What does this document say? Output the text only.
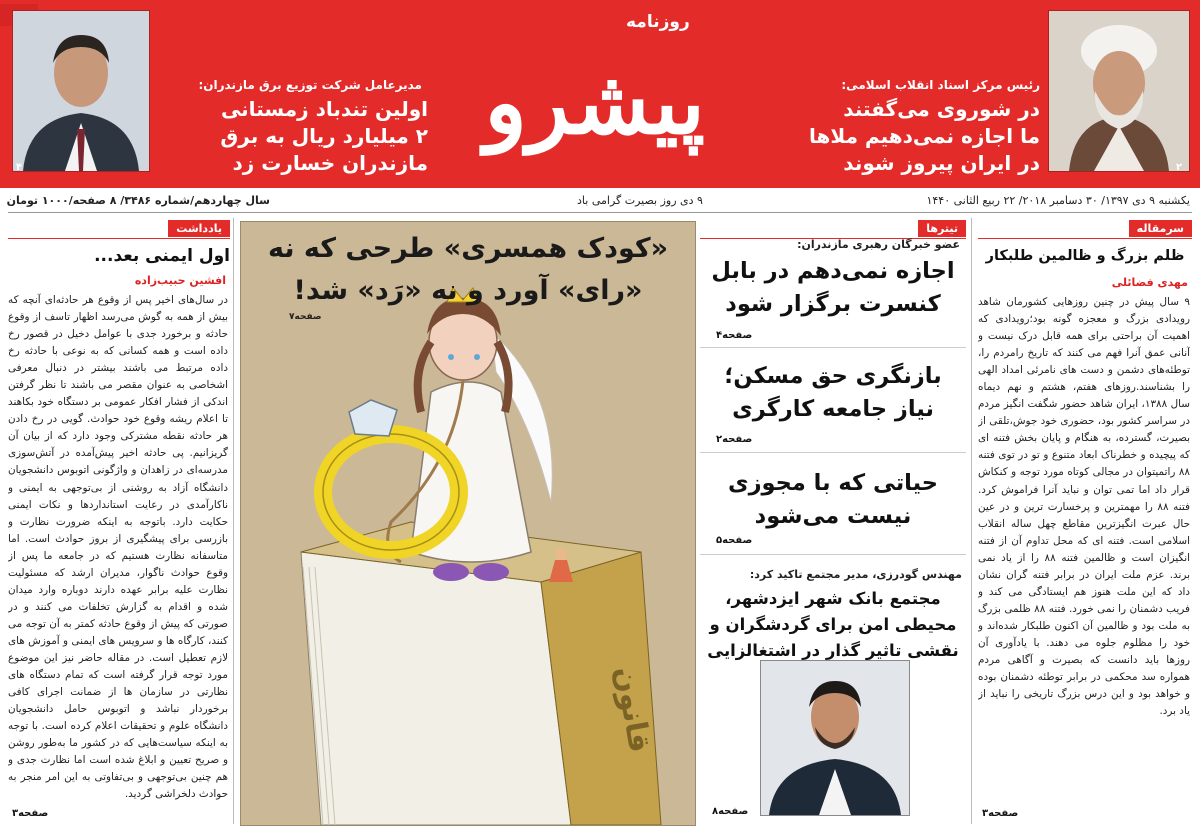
۲
رئیس مرکز اسناد انقلاب اسلامی:
در شوروی می‌گفتند
ما اجازه نمی‌دهیم ملاها
در ایران پیروز شوند
روزنامه
پیشرو
مدیرعامل شرکت توزیع برق مازندران:
اولین تندباد زمستانی
۲ میلیارد ریال به برق
مازندران خسارت زد
۴
یکشنبه ۹ دی ۱۳۹۷/ ۳۰ دسامبر ۲۰۱۸/ ۲۲ ربیع الثانی ۱۴۴۰
۹ دی روز بصیرت گرامی باد
سال چهاردهم/شماره ۳۴۸۶/ ۸ صفحه/۱۰۰۰ تومان
سرمقاله
ظلم بزرگ و ظالمین طلبکار
مهدی فضائلی
۹ سال پیش در چنین روزهایی کشورمان شاهد رویدادی بزرگ و معجزه گونه بود؛رویدادی که اهمیت آن براحتی برای همه قابل درک نیست و آنانی عمق آنرا فهم می کنند که تاریخ رامردم را، توطئه‌های دشمن و دست های نامرئی امداد الهی را بشناسند.روزهای هفتم، هشتم و نهم دیماه سال ۱۳۸۸، ایران شاهد حضور شگفت انگیز مردم در سراسر کشور بود، حضوری خود جوش،تلقی از بصیرت، گسترده، به هنگام و پایان بخش فتنه ای که پیچیده و خطرناک ابعاد متنوع و تو در توی فتنه ۸۸ راتمیتوان در مجالی کوتاه مورد توجه و کنکاش قرار داد اما تمی توان و نباید آنرا فراموش کرد. فتنه ۸۸ را مهمترین و پرخسارت ترین و در عین حال عبرت انگیزترین مقاطع چهل ساله انقلاب اسلامی است. فتنه ای که محل تداوم آن از فتنه انگیزان است و ظالمین فتنه ۸۸ را از یاد نمی برند. عزم ملت ایران در برابر فتنه گران نشان داد که این ملت هنوز هم ایستادگی می کند و فریب دشمنان را نمی خورد. فتنه ۸۸ ظلمی بزرگ به ملت بود و ظالمین آن اکنون طلبکار شده‌اند و خود را مظلوم جلوه می دهند. با یادآوری آن روزها باید دانست که بصیرت و آگاهی مردم همواره سد محکمی در برابر توطئه دشمنان بوده و خواهد بود و این درس بزرگ تاریخی را نباید از یاد برد.
صفحه۳
تیترها
عضو خبرگان رهبری مازندران:
اجازه نمی‌دهم در بابل کنسرت برگزار شود
صفحه۴
بازنگری حق مسکن؛ نیاز جامعه کارگری
صفحه۲
حیاتی که با مجوزی نیست می‌شود
صفحه۵
مهندس گودرزی، مدیر مجتمع تاکید کرد:
مجتمع بانک شهر ایزدشهر، محیطی امن برای گردشگران و نقشی تاثیر گذار در اشتغالزایی
صفحه۸
«کودک همسری» طرحی که نه «رای» آورد و نه «رَد» شد!
صفحه۷
قانون
یادداشت
اول ایمنی بعد...
افشین حبیب‌زاده
در سال‌های اخیر پس از وقوع هر حادثه‌ای آنچه که بیش از همه به گوش می‌رسد اظهار تاسف از وقوع حادثه و برخورد جدی با عوامل دخیل در قصور رخ داده است و همه کسانی که به نوعی با حادثه رخ داده مرتبط می باشند بیشتر در دنبال معرفی اشخاصی به عنوان مقصر می باشند تا نظر گرفتن اندکی از فشار افکار عمومی بر دستگاه خود بکاهند تا اعلام ریشه وقوع خود حوادث. گویی در رخ دادن هر حادثه نقطه مشترکی وجود دارد که از بیان آن گریزانیم. پی حادثه اخیر پیش‌آمده در آتش‌سوزی مدرسه‌ای در زاهدان و واژگونی اتوبوس دانشجویان دانشگاه آزاد به روشنی از بی‌توجهی به ایمنی و ناکارآمدی در رعایت استانداردها و نکات ایمنی حکایت دارد. باتوجه به اینکه ضرورت نظارت و بازرسی برای پیشگیری از بروز حوادث است. اما متاسفانه نظارت هستیم که در جامعه ما پس از وقوع حوادث ناگوار، مدیران ارشد که مسئولیت نظارت علیه برابر عهده دارند دوباره وارد میدان شده و اقدام به گزارش تخلفات می کنند و در صورتی که پیش از وقوع حادثه کمتر به آن توجه می کنند، کارگاه ها و سرویس های ایمنی و آموزش های لازم تعطیل است. در مقاله حاضر نیز این موضوع مورد توجه قرار گرفته است که تمام دستگاه های نظارتی در سازمان ها از ضمانت اجرای کافی برخوردار نباشد و اتوبوس حامل دانشجویان دانشگاه علوم و تحقیقات اعلام کرده است. با توجه به اینکه سیاست‌هایی که در کشور ما به‌طور روشن و صریح تعیین و ابلاغ شده است اما نظارت جدی و هم چنین بی‌توجهی و بی‌تفاوتی به این امر منجر به حوادث دلخراشی گردید.
صفحه۳
